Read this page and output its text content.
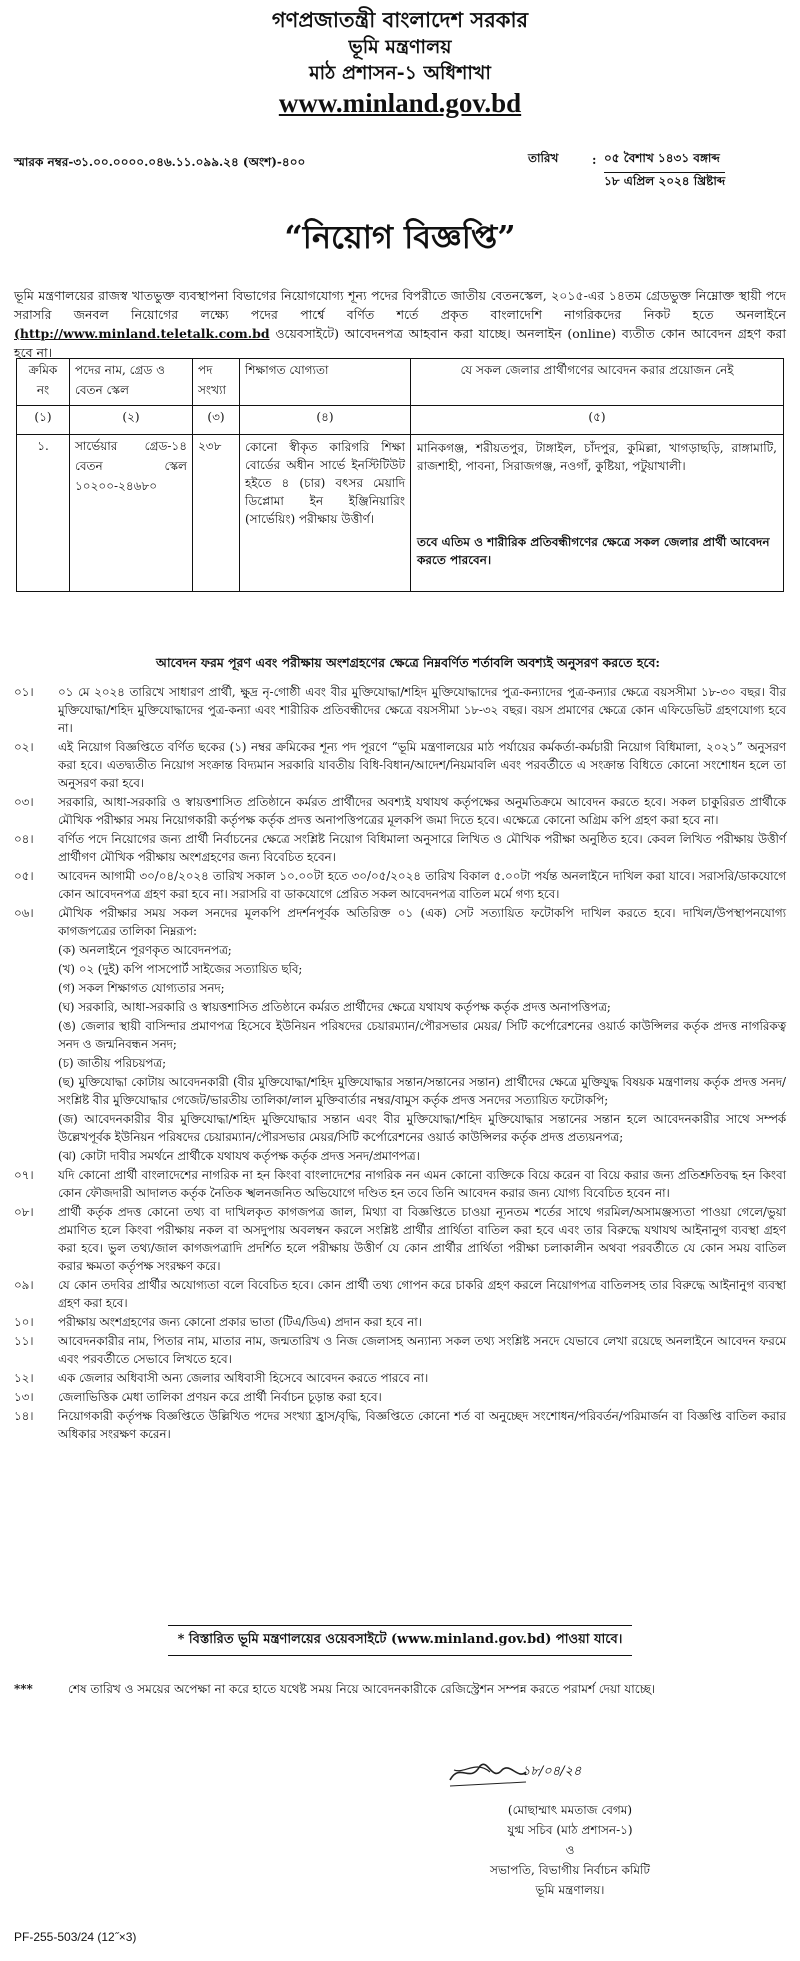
গণপ্রজাতন্ত্রী বাংলাদেশ সরকার
ভূমি মন্ত্রণালয়
মাঠ প্রশাসন-১ অধিশাখা
www.minland.gov.bd
স্মারক নম্বর-৩১.০০.০০০০.০৪৬.১১.০৯৯.২৪ (অংশ)-৪০০	তারিখ	: ০৫ বৈশাখ ১৪৩১ বঙ্গাব্দ
১৮ এপ্রিল ২০২৪ খ্রিষ্টাব্দ
“নিয়োগ বিজ্ঞপ্তি”
ভূমি মন্ত্রণালয়ের রাজস্ব খাতভুক্ত ব্যবস্থাপনা বিভাগের নিয়োগযোগ্য শূন্য পদের বিপরীতে জাতীয় বেতনস্কেল, ২০১৫-এর ১৪তম গ্রেডভুক্ত নিম্নোক্ত স্থায়ী পদে সরাসরি জনবল নিয়োগের লক্ষ্যে পদের পার্শ্বে বর্ণিত শর্তে প্রকৃত বাংলাদেশি নাগরিকদের নিকট হতে অনলাইনে (http://www.minland.teletalk.com.bd ওয়েবসাইটে) আবেদনপত্র আহবান করা যাচ্ছে। অনলাইন (online) ব্যতীত কোন আবেদন গ্রহণ করা হবে না।
ক্রমিক নং	পদের নাম, গ্রেড ও বেতন স্কেল	পদ সংখ্যা	শিক্ষাগত যোগ্যতা	যে সকল জেলার প্রার্থীগণের আবেদন করার প্রয়োজন নেই
(১)	(২)	(৩)	(৪)	(৫)
১.	সার্ভেয়ার গ্রেড-১৪ বেতন স্কেল ১০২০০-২৪৬৮০	২৩৮	কোনো স্বীকৃত কারিগরি শিক্ষা বোর্ডের অধীন সার্ভে ইনস্টিটিউট হইতে ৪ (চার) বৎসর মেয়াদি ডিপ্লোমা ইন ইঞ্জিনিয়ারিং (সার্ভেয়িং) পরীক্ষায় উত্তীর্ণ।	মানিকগঞ্জ, শরীয়তপুর, টাঙ্গাইল, চাঁদপুর, কুমিল্লা, খাগড়াছড়ি, রাঙ্গামাটি, রাজশাহী, পাবনা, সিরাজগঞ্জ, নওগাঁ, কুষ্টিয়া, পটুয়াখালী।
তবে এতিম ও শারীরিক প্রতিবন্ধীগণের ক্ষেত্রে সকল জেলার প্রার্থী আবেদন করতে পারবেন।
আবেদন ফরম পূরণ এবং পরীক্ষায় অংশগ্রহণের ক্ষেত্রে নিম্নবর্ণিত শর্তাবলি অবশ্যই অনুসরণ করতে হবে:
০১।	০১ মে ২০২৪ তারিখে সাধারণ প্রার্থী, ক্ষুদ্র নৃ-গোষ্ঠী এবং বীর মুক্তিযোদ্ধা/শহিদ মুক্তিযোদ্ধাদের পুত্র-কন্যাদের পুত্র-কন্যার ক্ষেত্রে বয়সসীমা ১৮-৩০ বছর। বীর মুক্তিযোদ্ধা/শহিদ মুক্তিযোদ্ধাদের পুত্র-কন্যা এবং শারীরিক প্রতিবন্ধীদের ক্ষেত্রে বয়সসীমা ১৮-৩২ বছর। বয়স প্রমাণের ক্ষেত্রে কোন এফিডেভিট গ্রহণযোগ্য হবে না।
০২।	এই নিয়োগ বিজ্ঞপ্তিতে বর্ণিত ছকের (১) নম্বর ক্রমিকের শূন্য পদ পূরণে “ভূমি মন্ত্রণালয়ের মাঠ পর্যায়ের কর্মকর্তা-কর্মচারী নিয়োগ বিধিমালা, ২০২১” অনুসরণ করা হবে। এতদ্ব্যতীত নিয়োগ সংক্রান্ত বিদ্যমান সরকারি যাবতীয় বিধি-বিধান/আদেশ/নিয়মাবলি এবং পরবর্তীতে এ সংক্রান্ত বিধিতে কোনো সংশোধন হলে তা অনুসরণ করা হবে।
০৩।	সরকারি, আধা-সরকারি ও স্বায়ত্তশাসিত প্রতিষ্ঠানে কর্মরত প্রার্থীদের অবশ্যই যথাযথ কর্তৃপক্ষের অনুমতিক্রমে আবেদন করতে হবে। সকল চাকুরিরত প্রার্থীকে মৌখিক পরীক্ষার সময় নিয়োগকারী কর্তৃপক্ষ কর্তৃক প্রদত্ত অনাপত্তিপত্রের মূলকপি জমা দিতে হবে। এক্ষেত্রে কোনো অগ্রিম কপি গ্রহণ করা হবে না।
০৪।	বর্ণিত পদে নিয়োগের জন্য প্রার্থী নির্বাচনের ক্ষেত্রে সংশ্লিষ্ট নিয়োগ বিধিমালা অনুসারে লিখিত ও মৌখিক পরীক্ষা অনুষ্ঠিত হবে। কেবল লিখিত পরীক্ষায় উত্তীর্ণ প্রার্থীগণ মৌখিক পরীক্ষায় অংশগ্রহণের জন্য বিবেচিত হবেন।
০৫।	আবেদন আগামী ৩০/০৪/২০২৪ তারিখ সকাল ১০.০০টা হতে ৩০/০৫/২০২৪ তারিখ বিকাল ৫.০০টা পর্যন্ত অনলাইনে দাখিল করা যাবে। সরাসরি/ডাকযোগে কোন আবেদনপত্র গ্রহণ করা হবে না। সরাসরি বা ডাকযোগে প্রেরিত সকল আবেদনপত্র বাতিল মর্মে গণ্য হবে।
০৬।	মৌখিক পরীক্ষার সময় সকল সনদের মূলকপি প্রদর্শনপূর্বক অতিরিক্ত ০১ (এক) সেট সত্যায়িত ফটোকপি দাখিল করতে হবে। দাখিল/উপস্থাপনযোগ্য কাগজপত্রের তালিকা নিম্নরূপ:
(ক) অনলাইনে পূরণকৃত আবেদনপত্র;
(খ) ০২ (দুই) কপি পাসপোর্ট সাইজের সত্যায়িত ছবি;
(গ) সকল শিক্ষাগত যোগ্যতার সনদ;
(ঘ) সরকারি, আধা-সরকারি ও স্বায়ত্তশাসিত প্রতিষ্ঠানে কর্মরত প্রার্থীদের ক্ষেত্রে যথাযথ কর্তৃপক্ষ কর্তৃক প্রদত্ত অনাপত্তিপত্র;
(ঙ) জেলার স্থায়ী বাসিন্দার প্রমাণপত্র হিসেবে ইউনিয়ন পরিষদের চেয়ারম্যান/পৌরসভার মেয়র/ সিটি কর্পোরেশনের ওয়ার্ড কাউন্সিলর কর্তৃক প্রদত্ত নাগরিকত্ব সনদ ও জন্মনিবন্ধন সনদ;
(চ) জাতীয় পরিচয়পত্র;
(ছ) মুক্তিযোদ্ধা কোটায় আবেদনকারী (বীর মুক্তিযোদ্ধা/শহিদ মুক্তিযোদ্ধার সন্তান/সন্তানের সন্তান) প্রার্থীদের ক্ষেত্রে মুক্তিযুদ্ধ বিষয়ক মন্ত্রণালয় কর্তৃক প্রদত্ত সনদ/সংশ্লিষ্ট বীর মুক্তিযোদ্ধার গেজেট/ভারতীয় তালিকা/লাল মুক্তিবার্তার নম্বর/বামুস কর্তৃক প্রদত্ত সনদের সত্যায়িত ফটোকপি;
(জ) আবেদনকারীর বীর মুক্তিযোদ্ধা/শহিদ মুক্তিযোদ্ধার সন্তান এবং বীর মুক্তিযোদ্ধা/শহিদ মুক্তিযোদ্ধার সন্তানের সন্তান হলে আবেদনকারীর সাথে সম্পর্ক উল্লেখপূর্বক ইউনিয়ন পরিষদের চেয়ারম্যান/পৌরসভার মেয়র/সিটি কর্পোরেশনের ওয়ার্ড কাউন্সিলর কর্তৃক প্রদত্ত প্রত্যয়নপত্র;
(ঝ) কোটা দাবীর সমর্থনে প্রার্থীকে যথাযথ কর্তৃপক্ষ কর্তৃক প্রদত্ত সনদ/প্রমাণপত্র।
০৭।	যদি কোনো প্রার্থী বাংলাদেশের নাগরিক না হন কিংবা বাংলাদেশের নাগরিক নন এমন কোনো ব্যক্তিকে বিয়ে করেন বা বিয়ে করার জন্য প্রতিশ্রুতিবদ্ধ হন কিংবা কোন ফৌজদারী আদালত কর্তৃক নৈতিক স্খলনজনিত অভিযোগে দণ্ডিত হন তবে তিনি আবেদন করার জন্য যোগ্য বিবেচিত হবেন না।
০৮।	প্রার্থী কর্তৃক প্রদত্ত কোনো তথ্য বা দাখিলকৃত কাগজপত্র জাল, মিথ্যা বা বিজ্ঞপ্তিতে চাওয়া ন্যূনতম শর্তের সাথে গরমিল/অসামঞ্জস্যতা পাওয়া গেলে/ভুয়া প্রমাণিত হলে কিংবা পরীক্ষায় নকল বা অসদুপায় অবলম্বন করলে সংশ্লিষ্ট প্রার্থীর প্রার্থিতা বাতিল করা হবে এবং তার বিরুদ্ধে যথাযথ আইনানুগ ব্যবস্থা গ্রহণ করা হবে। ভুল তথ্য/জাল কাগজপত্রাদি প্রদর্শিত হলে পরীক্ষায় উত্তীর্ণ যে কোন প্রার্থীর প্রার্থিতা পরীক্ষা চলাকালীন অথবা পরবর্তীতে যে কোন সময় বাতিল করার ক্ষমতা কর্তৃপক্ষ সংরক্ষণ করে।
০৯।	যে কোন তদবির প্রার্থীর অযোগ্যতা বলে বিবেচিত হবে। কোন প্রার্থী তথ্য গোপন করে চাকরি গ্রহণ করলে নিয়োগপত্র বাতিলসহ তার বিরুদ্ধে আইনানুগ ব্যবস্থা গ্রহণ করা হবে।
১০।	পরীক্ষায় অংশগ্রহণের জন্য কোনো প্রকার ভাতা (টিএ/ডিএ) প্রদান করা হবে না।
১১।	আবেদনকারীর নাম, পিতার নাম, মাতার নাম, জন্মতারিখ ও নিজ জেলাসহ অন্যান্য সকল তথ্য সংশ্লিষ্ট সনদে যেভাবে লেখা রয়েছে অনলাইনে আবেদন ফরমে এবং পরবর্তীতে সেভাবে লিখতে হবে।
১২।	এক জেলার অধিবাসী অন্য জেলার অধিবাসী হিসেবে আবেদন করতে পারবে না।
১৩।	জেলাভিত্তিক মেধা তালিকা প্রণয়ন করে প্রার্থী নির্বাচন চূড়ান্ত করা হবে।
১৪।	নিয়োগকারী কর্তৃপক্ষ বিজ্ঞপ্তিতে উল্লিখিত পদের সংখ্যা হ্রাস/বৃদ্ধি, বিজ্ঞপ্তিতে কোনো শর্ত বা অনুচ্ছেদ সংশোধন/পরিবর্তন/পরিমার্জন বা বিজ্ঞপ্তি বাতিল করার অধিকার সংরক্ষণ করেন।
* বিস্তারিত ভূমি মন্ত্রণালয়ের ওয়েবসাইটে (www.minland.gov.bd) পাওয়া যাবে।
***	শেষ তারিখ ও সময়ের অপেক্ষা না করে হাতে যথেষ্ট সময় নিয়ে আবেদনকারীকে রেজিস্ট্রেশন সম্পন্ন করতে পরামর্শ দেয়া যাচ্ছে।
১৮/০৪/২৪
(মোছাম্মাৎ মমতাজ বেগম)
যুগ্ম সচিব (মাঠ প্রশাসন-১)
ও
সভাপতি, বিভাগীয় নির্বাচন কমিটি
ভূমি মন্ত্রণালয়।
PF-255-503/24 (12˝×3)
